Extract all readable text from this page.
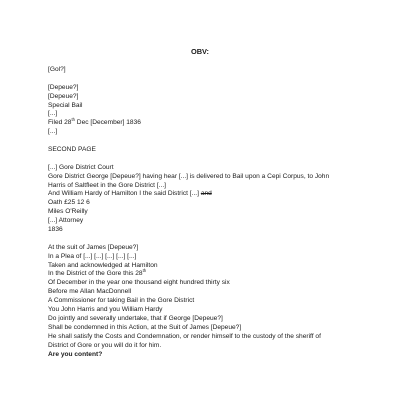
OBV:
[Gol?]
[Depeue?]
[Depeue?]
Special Bail
[...]
Filed 28th Dec [December] 1836
[...]
SECOND PAGE
[...] Gore District Court
Gore District George [Depeue?] having hear [...] is delivered to Bail upon a Cepi Corpus, to John
Harris of Saltfleet in the Gore District [...]
And William Hardy of Hamilton I the said District [...] and
Oath £25 12 6
Miles O'Reilly
[...] Attorney
1836
At the suit of James [Depeue?]
In a Plea of [...] [...] [...] [...] [...]
Taken and acknowledged at Hamilton
In the District of the Gore this 28th
Of December in the year one thousand eight hundred thirty six
Before me Allan MacDonnell
A Commissioner for taking Bail in the Gore District
You John Harris and you William Hardy
Do jointly and severally undertake, that if George [Depeue?]
Shall be condemned in this Action, at the Suit of James [Depeue?]
He shall satisfy the Costs and Condemnation, or render himself to the custody of the sheriff of
District of Gore or you will do it for him.
Are you content?
